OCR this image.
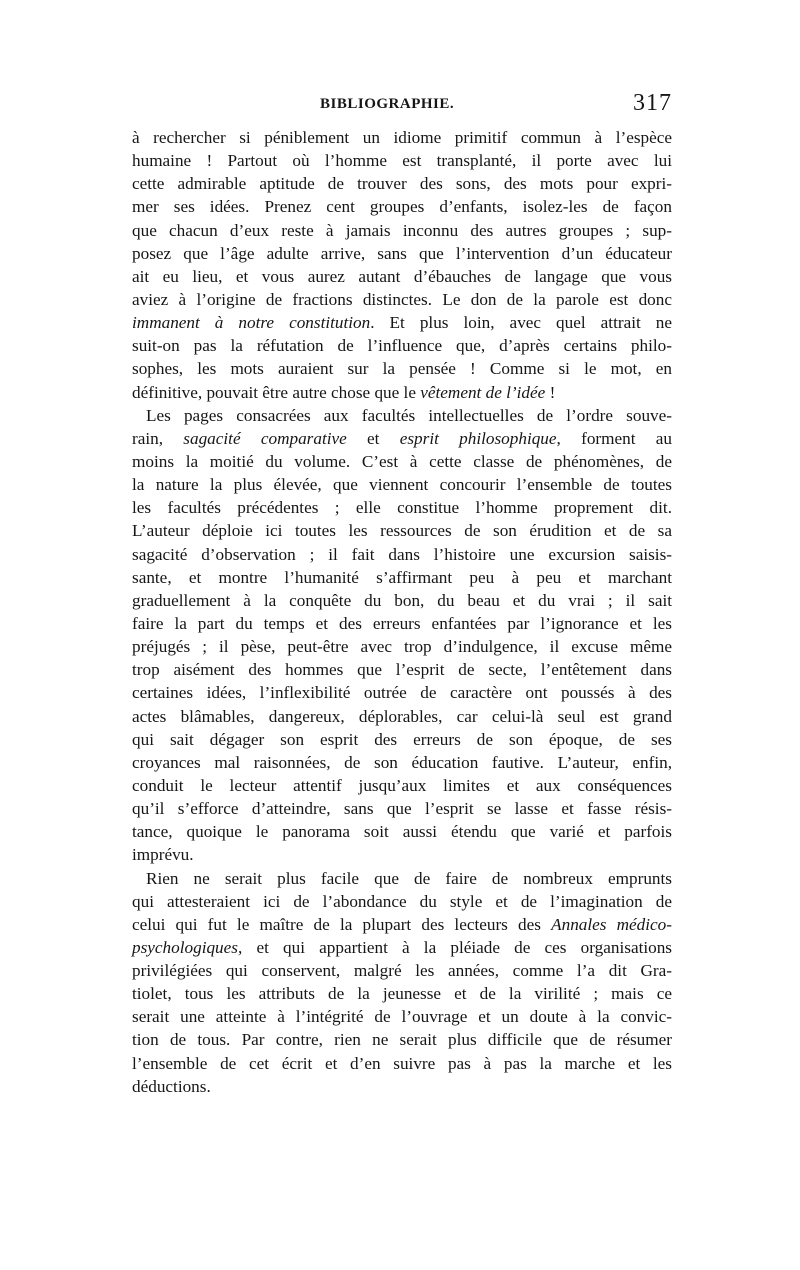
BIBLIOGRAPHIE.	317
à rechercher si péniblement un idiome primitif commun à l’espèce
humaine ! Partout où l’homme est transplanté, il porte avec lui
cette admirable aptitude de trouver des sons, des mots pour expri-
mer ses idées. Prenez cent groupes d’enfants, isolez-les de façon
que chacun d’eux reste à jamais inconnu des autres groupes ; sup-
posez que l’âge adulte arrive, sans que l’intervention d’un éducateur
ait eu lieu, et vous aurez autant d’ébauches de langage que vous
aviez à l’origine de fractions distinctes. Le don de la parole est donc
immanent à notre constitution. Et plus loin, avec quel attrait ne
suit-on pas la réfutation de l’influence que, d’après certains philo-
sophes, les mots auraient sur la pensée ! Comme si le mot, en
définitive, pouvait être autre chose que le vêtement de l’idée !
Les pages consacrées aux facultés intellectuelles de l’ordre souve-
rain, sagacité comparative et esprit philosophique, forment au
moins la moitié du volume. C’est à cette classe de phénomènes, de
la nature la plus élevée, que viennent concourir l’ensemble de toutes
les facultés précédentes ; elle constitue l’homme proprement dit.
L’auteur déploie ici toutes les ressources de son érudition et de sa
sagacité d’observation ; il fait dans l’histoire une excursion saisis-
sante, et montre l’humanité s’affirmant peu à peu et marchant
graduellement à la conquête du bon, du beau et du vrai ; il sait
faire la part du temps et des erreurs enfantées par l’ignorance et les
préjugés ; il pèse, peut-être avec trop d’indulgence, il excuse même
trop aisément des hommes que l’esprit de secte, l’entêtement dans
certaines idées, l’inflexibilité outrée de caractère ont poussés à des
actes blâmables, dangereux, déplorables, car celui-là seul est grand
qui sait dégager son esprit des erreurs de son époque, de ses
croyances mal raisonnées, de son éducation fautive. L’auteur, enfin,
conduit le lecteur attentif jusqu’aux limites et aux conséquences
qu’il s’efforce d’atteindre, sans que l’esprit se lasse et fasse résis-
tance, quoique le panorama soit aussi étendu que varié et parfois
imprévu.
Rien ne serait plus facile que de faire de nombreux emprunts
qui attesteraient ici de l’abondance du style et de l’imagination de
celui qui fut le maître de la plupart des lecteurs des Annales médico-
psychologiques, et qui appartient à la pléiade de ces organisations
privilégiées qui conservent, malgré les années, comme l’a dit Gra-
tiolet, tous les attributs de la jeunesse et de la virilité ; mais ce
serait une atteinte à l’intégrité de l’ouvrage et un doute à la convic-
tion de tous. Par contre, rien ne serait plus difficile que de résumer
l’ensemble de cet écrit et d’en suivre pas à pas la marche et les
déductions.
